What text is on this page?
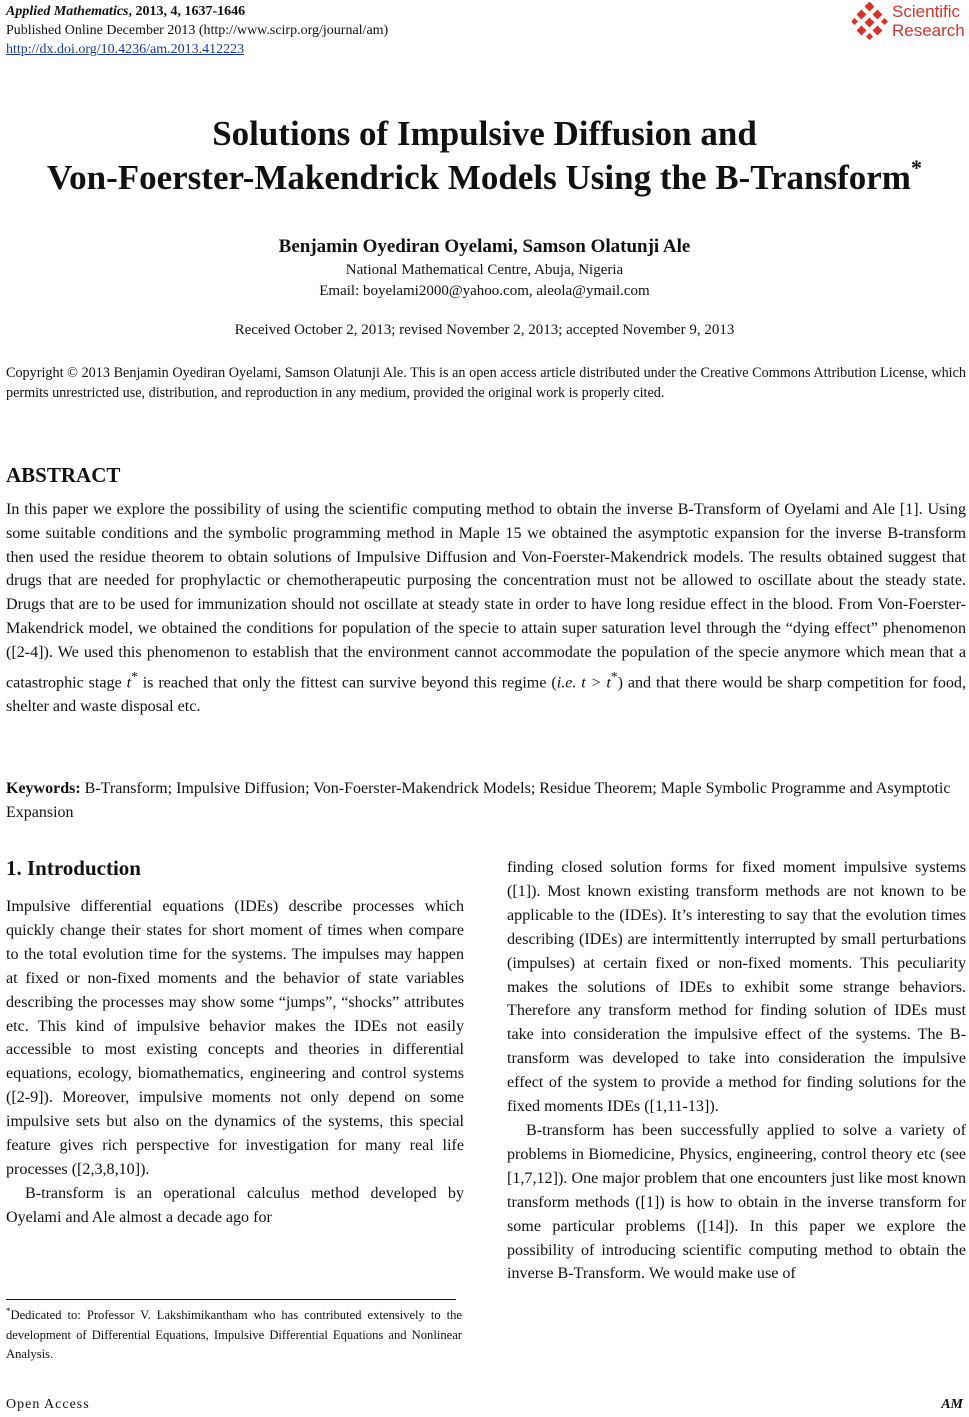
Applied Mathematics, 2013, 4, 1637-1646
Published Online December 2013 (http://www.scirp.org/journal/am)
http://dx.doi.org/10.4236/am.2013.412223
Scientific
Research
Solutions of Impulsive Diffusion and
Von-Foerster-Makendrick Models Using the B-Transform*
Benjamin Oyediran Oyelami, Samson Olatunji Ale
National Mathematical Centre, Abuja, Nigeria
Email: boyelami2000@yahoo.com, aleola@ymail.com
Received October 2, 2013; revised November 2, 2013; accepted November 9, 2013
Copyright © 2013 Benjamin Oyediran Oyelami, Samson Olatunji Ale. This is an open access article distributed under the Creative Commons Attribution License, which permits unrestricted use, distribution, and reproduction in any medium, provided the original work is properly cited.
ABSTRACT
In this paper we explore the possibility of using the scientific computing method to obtain the inverse B-Transform of Oyelami and Ale [1]. Using some suitable conditions and the symbolic programming method in Maple 15 we obtained the asymptotic expansion for the inverse B-transform then used the residue theorem to obtain solutions of Impulsive Diffusion and Von-Foerster-Makendrick models. The results obtained suggest that drugs that are needed for prophylactic or chemotherapeutic purposing the concentration must not be allowed to oscillate about the steady state. Drugs that are to be used for immunization should not oscillate at steady state in order to have long residue effect in the blood. From Von-Foerster-Makendrick model, we obtained the conditions for population of the specie to attain super saturation level through the “dying effect” phenomenon ([2-4]). We used this phenomenon to establish that the environment cannot accommodate the population of the specie anymore which mean that a catastrophic stage t* is reached that only the fittest can survive beyond this regime (i.e. t > t*) and that there would be sharp competition for food, shelter and waste disposal etc.
Keywords: B-Transform; Impulsive Diffusion; Von-Foerster-Makendrick Models; Residue Theorem; Maple Symbolic Programme and Asymptotic Expansion
1. Introduction

Impulsive differential equations (IDEs) describe processes which quickly change their states for short moment of times when compare to the total evolution time for the systems. The impulses may happen at fixed or non-fixed moments and the behavior of state variables describing the processes may show some “jumps”, “shocks” attributes etc. This kind of impulsive behavior makes the IDEs not easily accessible to most existing concepts and theories in differential equations, ecology, biomathematics, engineering and control systems ([2-9]). Moreover, impulsive moments not only depend on some impulsive sets but also on the dynamics of the systems, this special feature gives rich perspective for investigation for many real life processes ([2,3,8,10]).

B-transform is an operational calculus method developed by Oyelami and Ale almost a decade ago for

finding closed solution forms for fixed moment impulsive systems ([1]). Most known existing transform methods are not known to be applicable to the (IDEs). It’s interesting to say that the evolution times describing (IDEs) are intermittently interrupted by small perturbations (impulses) at certain fixed or non-fixed moments. This peculiarity makes the solutions of IDEs to exhibit some strange behaviors. Therefore any transform method for finding solution of IDEs must take into consideration the impulsive effect of the systems. The B-transform was developed to take into consideration the impulsive effect of the system to provide a method for finding solutions for the fixed moments IDEs ([1,11-13]).

B-transform has been successfully applied to solve a variety of problems in Biomedicine, Physics, engineering, control theory etc (see [1,7,12]). One major problem that one encounters just like most known transform methods ([1]) is how to obtain in the inverse transform for some particular problems ([14]). In this paper we explore the possibility of introducing scientific computing method to obtain the inverse B-Transform. We would make use of

*Dedicated to: Professor V. Lakshimikantham who has contributed extensively to the development of Differential Equations, Impulsive Differential Equations and Nonlinear Analysis.
Open Access	AM
